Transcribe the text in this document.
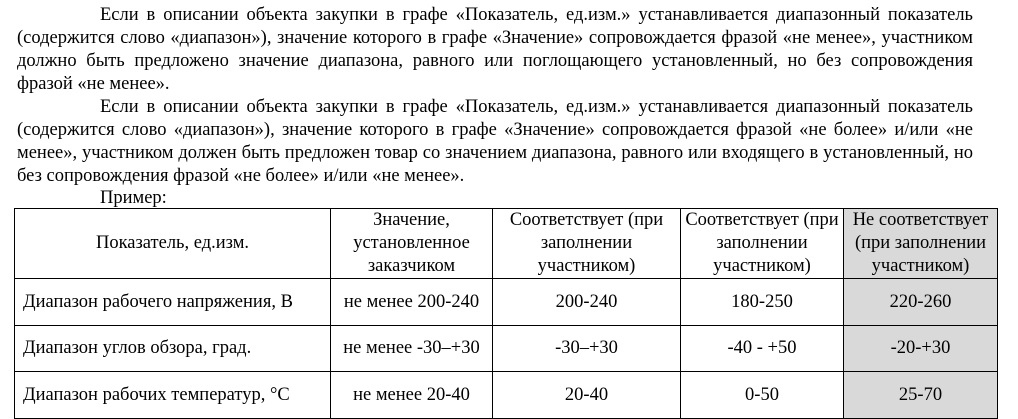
Если в описании объекта закупки в графе «Показатель, ед.изм.» устанавливается диапазонный показатель (содержится слово «диапазон»), значение которого в графе «Значение» сопровождается фразой «не менее», участником должно быть предложено значение диапазона, равного или поглощающего установленный, но без сопровождения фразой «не менее».
Если в описании объекта закупки в графе «Показатель, ед.изм.» устанавливается диапазонный показатель (содержится слово «диапазон»), значение которого в графе «Значение» сопровождается фразой «не более» и/или «не менее», участником должен быть предложен товар со значением диапазона, равного или входящего в установленный, но без сопровождения фразой «не более» и/или «не менее».
Пример:
Показатель, ед.изм.	Значение, установленное заказчиком	Соответствует (при заполнении участником)	Соответствует (при заполнении участником)	Не соответствует (при заполнении участником)
Диапазон рабочего напряжения, В	не менее 200-240	200-240	180-250	220-260
Диапазон углов обзора, град.	не менее -30–+30	-30–+30	-40 - +50	-20-+30
Диапазон рабочих температур, °С	не менее 20-40	20-40	0-50	25-70
